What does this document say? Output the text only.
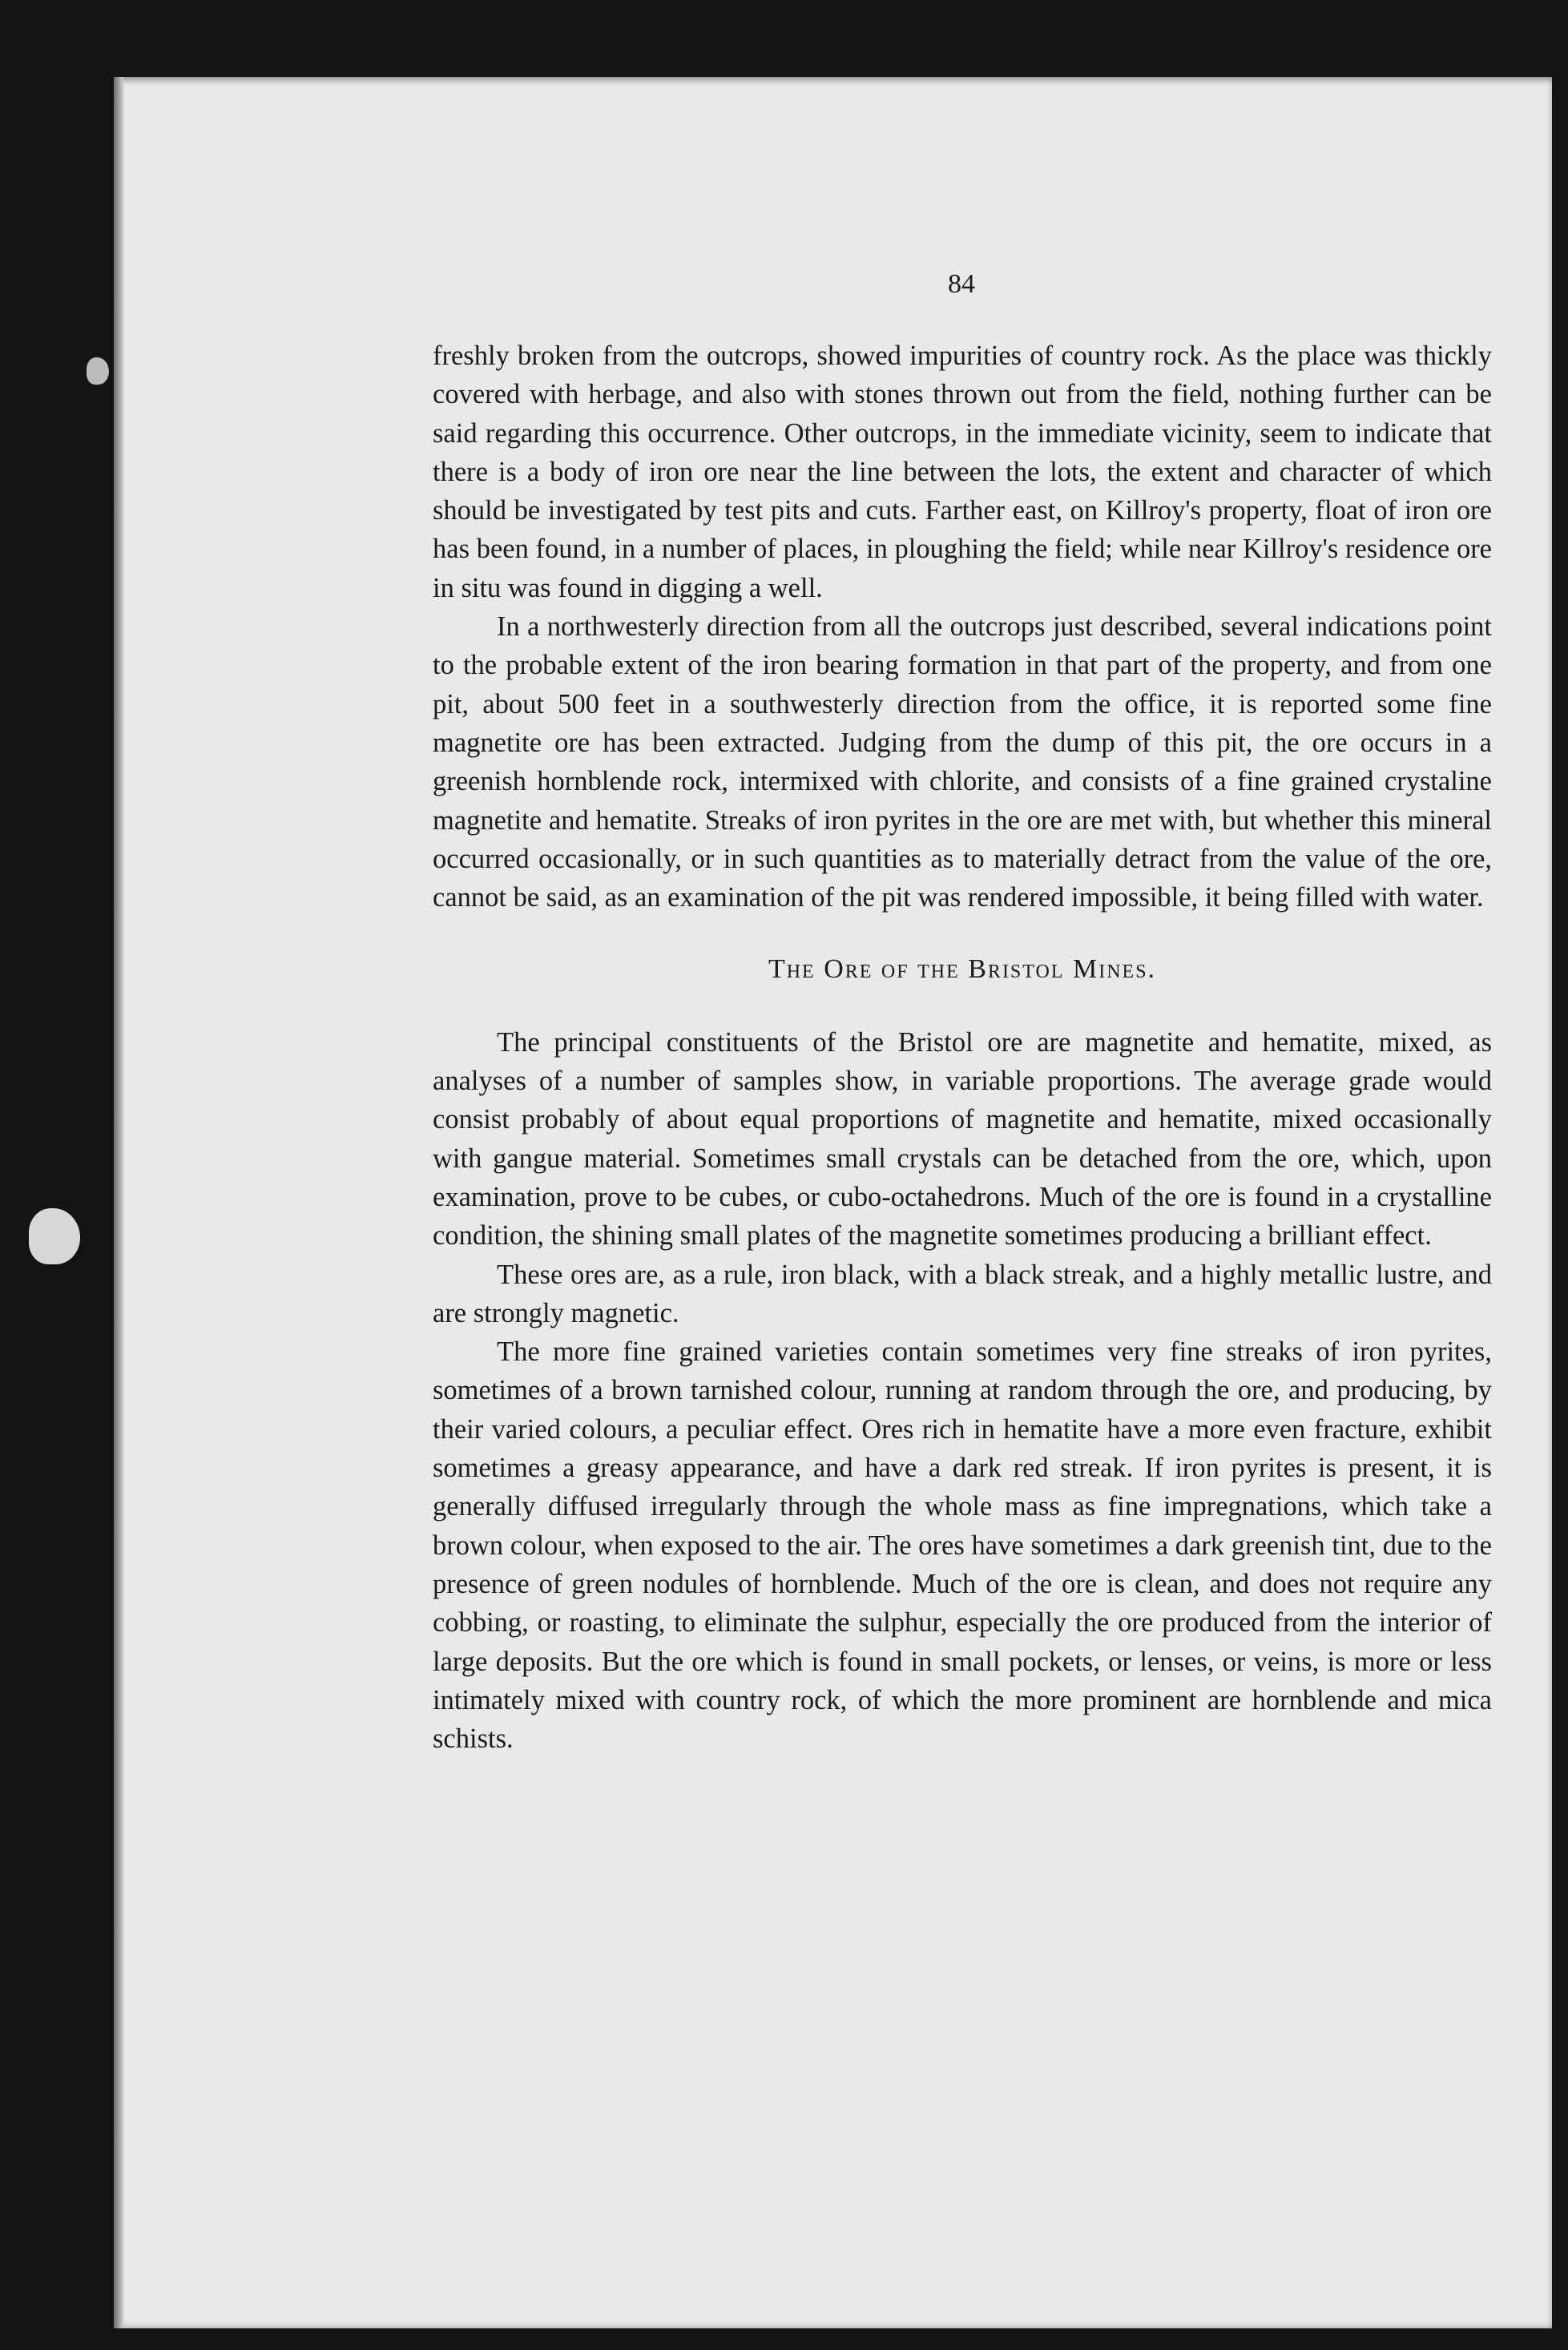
84

freshly broken from the outcrops, showed impurities of country rock. As the place was thickly covered with herbage, and also with stones thrown out from the field, nothing further can be said regarding this occurrence. Other outcrops, in the immediate vicinity, seem to indicate that there is a body of iron ore near the line between the lots, the extent and character of which should be investigated by test pits and cuts. Farther east, on Killroy's property, float of iron ore has been found, in a number of places, in ploughing the field; while near Killroy's residence ore in situ was found in digging a well.

In a northwesterly direction from all the outcrops just described, several indications point to the probable extent of the iron bearing formation in that part of the property, and from one pit, about 500 feet in a southwesterly direction from the office, it is reported some fine magnetite ore has been extracted. Judging from the dump of this pit, the ore occurs in a greenish hornblende rock, intermixed with chlorite, and consists of a fine grained crystaline magnetite and hematite. Streaks of iron pyrites in the ore are met with, but whether this mineral occurred occasionally, or in such quantities as to materially detract from the value of the ore, cannot be said, as an examination of the pit was rendered impossible, it being filled with water.

The Ore of the Bristol Mines.

The principal constituents of the Bristol ore are magnetite and hematite, mixed, as analyses of a number of samples show, in variable proportions. The average grade would consist probably of about equal proportions of magnetite and hematite, mixed occasionally with gangue material. Sometimes small crystals can be detached from the ore, which, upon examination, prove to be cubes, or cubo-octahedrons. Much of the ore is found in a crystalline condition, the shining small plates of the magnetite sometimes producing a brilliant effect.

These ores are, as a rule, iron black, with a black streak, and a highly metallic lustre, and are strongly magnetic.

The more fine grained varieties contain sometimes very fine streaks of iron pyrites, sometimes of a brown tarnished colour, running at random through the ore, and producing, by their varied colours, a peculiar effect. Ores rich in hematite have a more even fracture, exhibit sometimes a greasy appearance, and have a dark red streak. If iron pyrites is present, it is generally diffused irregularly through the whole mass as fine impregnations, which take a brown colour, when exposed to the air. The ores have sometimes a dark greenish tint, due to the presence of green nodules of hornblende. Much of the ore is clean, and does not require any cobbing, or roasting, to eliminate the sulphur, especially the ore produced from the interior of large deposits. But the ore which is found in small pockets, or lenses, or veins, is more or less intimately mixed with country rock, of which the more prominent are hornblende and mica schists.
